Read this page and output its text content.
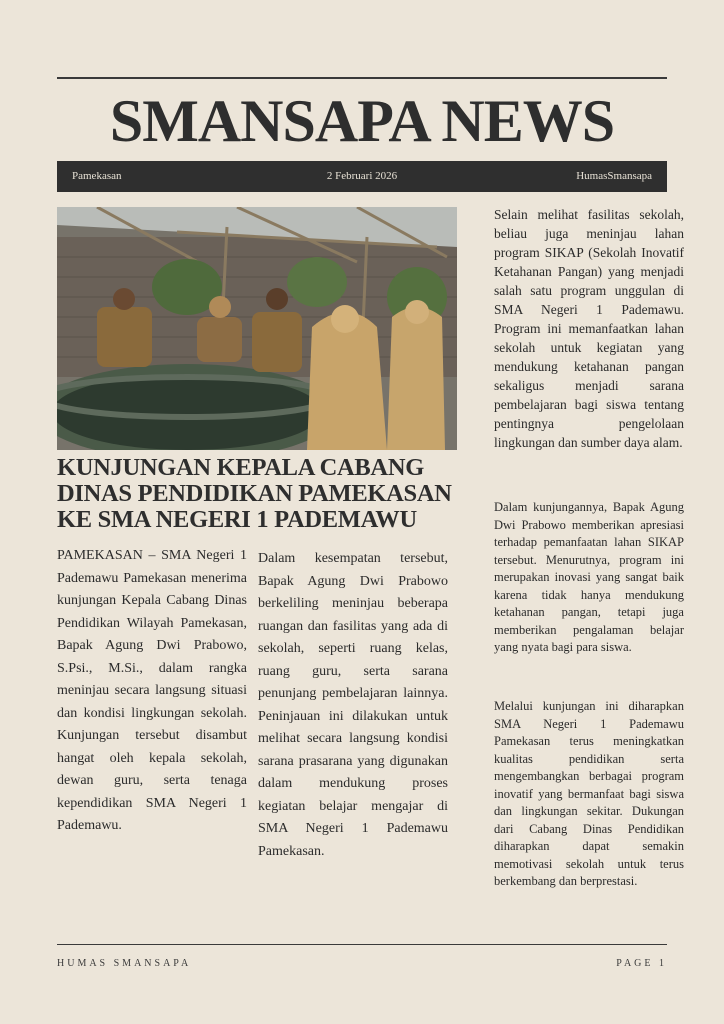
SMANSAPA NEWS
Pamekasan	2 Februari 2026	HumasSmansapa
KUNJUNGAN KEPALA CABANG DINAS PENDIDIKAN PAMEKASAN KE SMA NEGERI 1 PADEMAWU
PAMEKASAN – SMA Negeri 1 Pademawu Pamekasan menerima kunjungan Kepala Cabang Dinas Pendidikan Wilayah Pamekasan, Bapak Agung Dwi Prabowo, S.Psi., M.Si., dalam rangka meninjau secara langsung situasi dan kondisi lingkungan sekolah. Kunjungan tersebut disambut hangat oleh kepala sekolah, dewan guru, serta tenaga kependidikan SMA Negeri 1 Pademawu.
Dalam kesempatan tersebut, Bapak Agung Dwi Prabowo berkeliling meninjau beberapa ruangan dan fasilitas yang ada di sekolah, seperti ruang kelas, ruang guru, serta sarana penunjang pembelajaran lainnya. Peninjauan ini dilakukan untuk melihat secara langsung kondisi sarana prasarana yang digunakan dalam mendukung proses kegiatan belajar mengajar di SMA Negeri 1 Pademawu Pamekasan.
Selain melihat fasilitas sekolah, beliau juga meninjau lahan program SIKAP (Sekolah Inovatif Ketahanan Pangan) yang menjadi salah satu program unggulan di SMA Negeri 1 Pademawu. Program ini memanfaatkan lahan sekolah untuk kegiatan yang mendukung ketahanan pangan sekaligus menjadi sarana pembelajaran bagi siswa tentang pentingnya pengelolaan lingkungan dan sumber daya alam.
Dalam kunjungannya, Bapak Agung Dwi Prabowo memberikan apresiasi terhadap pemanfaatan lahan SIKAP tersebut. Menurutnya, program ini merupakan inovasi yang sangat baik karena tidak hanya mendukung ketahanan pangan, tetapi juga memberikan pengalaman belajar yang nyata bagi para siswa.
Melalui kunjungan ini diharapkan SMA Negeri 1 Pademawu Pamekasan terus meningkatkan kualitas pendidikan serta mengembangkan berbagai program inovatif yang bermanfaat bagi siswa dan lingkungan sekitar. Dukungan dari Cabang Dinas Pendidikan diharapkan dapat semakin memotivasi sekolah untuk terus berkembang dan berprestasi.
HUMAS SMANSAPA	PAGE 1
